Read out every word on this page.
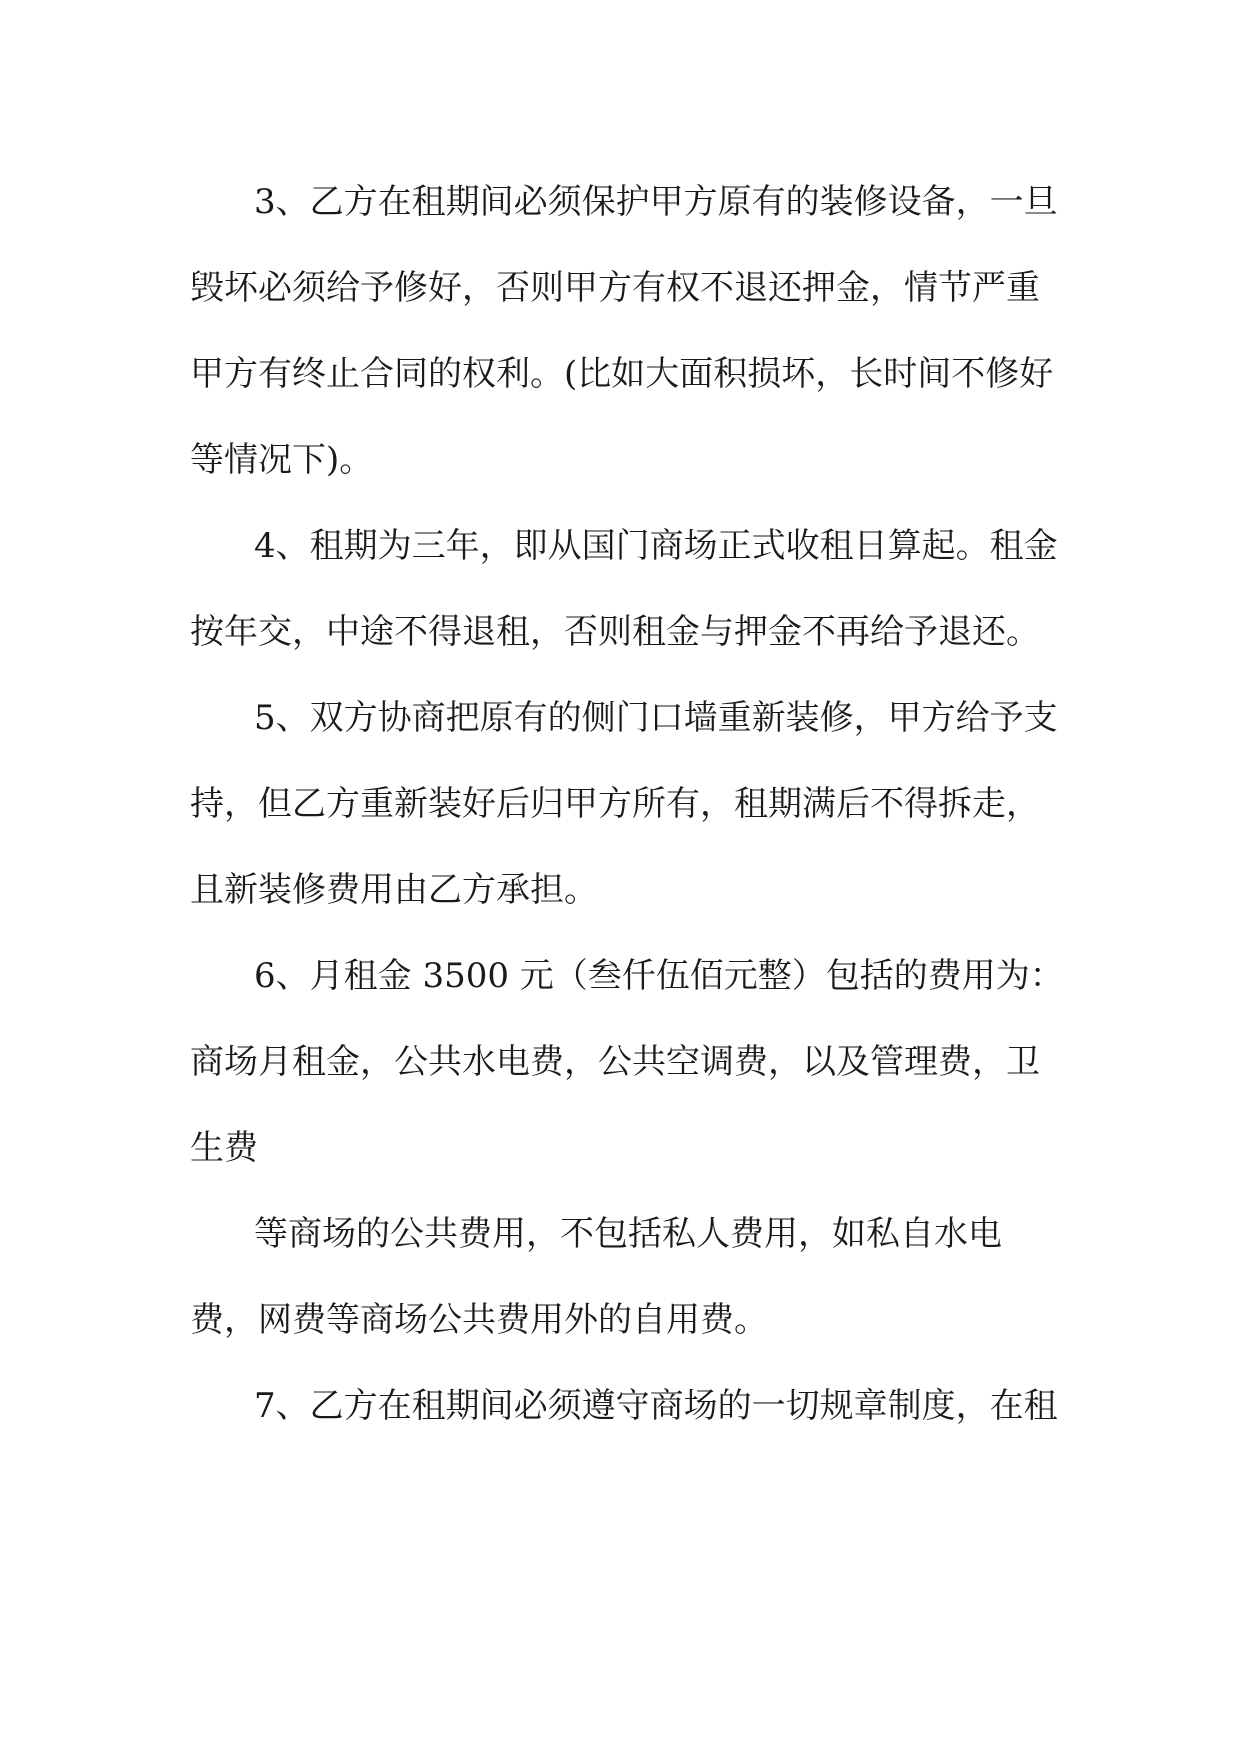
3、乙方在租期间必须保护甲方原有的装修设备，一旦
毁坏必须给予修好，否则甲方有权不退还押金，情节严重
甲方有终止合同的权利。(比如大面积损坏，长时间不修好
等情况下)。
4、租期为三年，即从国门商场正式收租日算起。租金
按年交，中途不得退租，否则租金与押金不再给予退还。
5、双方协商把原有的侧门口墙重新装修，甲方给予支
持，但乙方重新装好后归甲方所有，租期满后不得拆走，
且新装修费用由乙方承担。
6、月租金 3500 元（叁仟伍佰元整）包括的费用为：
商场月租金，公共水电费，公共空调费，以及管理费，卫
生费
等商场的公共费用，不包括私人费用，如私自水电
费，网费等商场公共费用外的自用费。
7、乙方在租期间必须遵守商场的一切规章制度，在租
